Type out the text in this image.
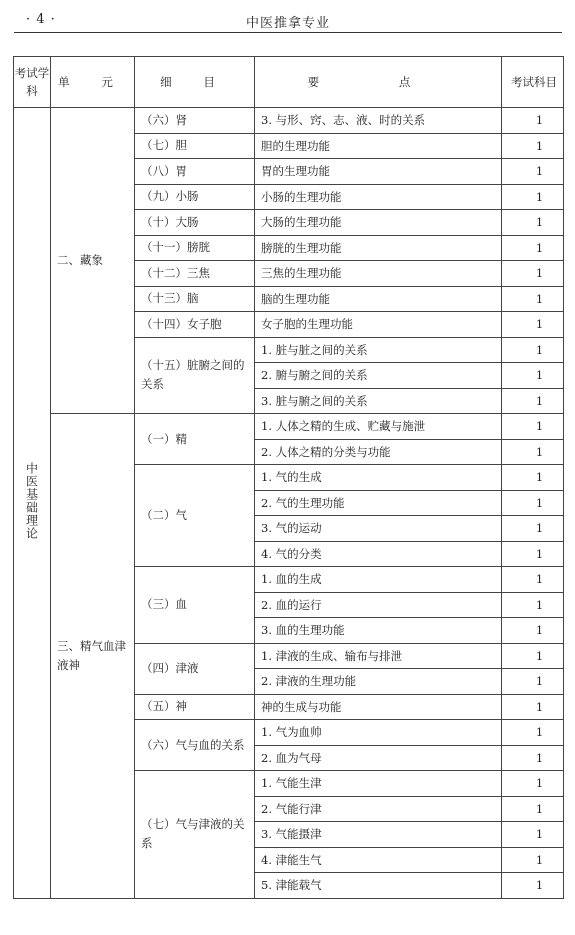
· 4 ·	中医推拿专业
考试学科	单 元	细 目	要 点	考试科目
中医基础理论	二、藏象	（六）肾	3. 与形、窍、志、液、时的关系	1
		（七）胆	胆的生理功能	1
		（八）胃	胃的生理功能	1
		（九）小肠	小肠的生理功能	1
		（十）大肠	大肠的生理功能	1
		（十一）膀胱	膀胱的生理功能	1
		（十二）三焦	三焦的生理功能	1
		（十三）脑	脑的生理功能	1
		（十四）女子胞	女子胞的生理功能	1
		（十五）脏腑之间的关系	1. 脏与脏之间的关系	1
			2. 腑与腑之间的关系	1
			3. 脏与腑之间的关系	1
	三、精气血津液神	（一）精	1. 人体之精的生成、贮藏与施泄	1
			2. 人体之精的分类与功能	1
		（二）气	1. 气的生成	1
			2. 气的生理功能	1
			3. 气的运动	1
			4. 气的分类	1
		（三）血	1. 血的生成	1
			2. 血的运行	1
			3. 血的生理功能	1
		（四）津液	1. 津液的生成、输布与排泄	1
			2. 津液的生理功能	1
		（五）神	神的生成与功能	1
		（六）气与血的关系	1. 气为血帅	1
			2. 血为气母	1
		（七）气与津液的关系	1. 气能生津	1
			2. 气能行津	1
			3. 气能摄津	1
			4. 津能生气	1
			5. 津能载气	1
